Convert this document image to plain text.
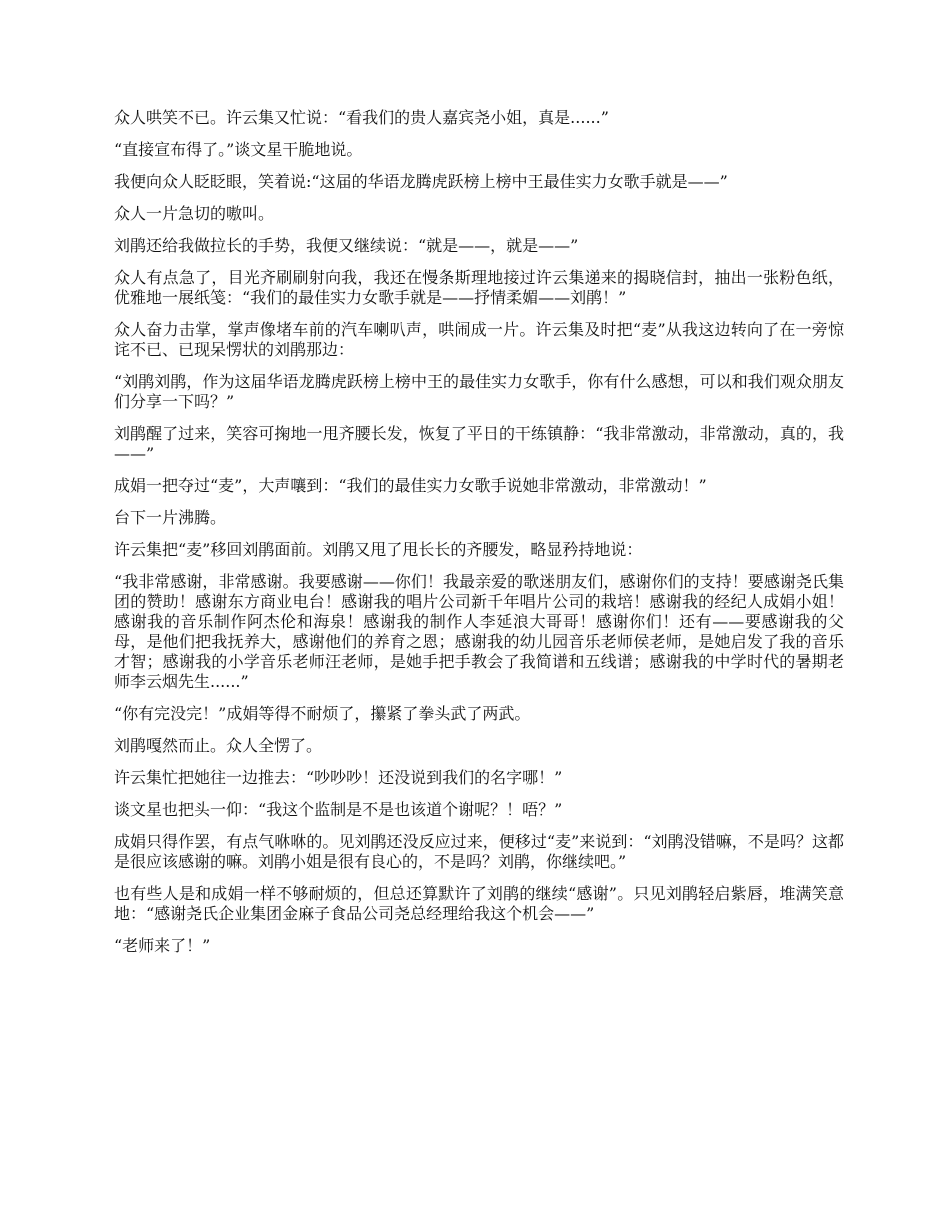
众人哄笑不已。许云集又忙说：“看我们的贵人嘉宾尧小姐，真是......”

“直接宣布得了。”谈文星干脆地说。

我便向众人眨眨眼，笑着说:“这届的华语龙腾虎跃榜上榜中王最佳实力女歌手就是——”

众人一片急切的嗷叫。

刘鹃还给我做拉长的手势，我便又继续说：“就是——，就是——”

众人有点急了，目光齐刷刷射向我，我还在慢条斯理地接过许云集递来的揭晓信封，抽出一张粉色纸，优雅地一展纸笺：“我们的最佳实力女歌手就是——抒情柔媚——刘鹃！”

众人奋力击掌，掌声像堵车前的汽车喇叭声，哄闹成一片。许云集及时把“麦”从我这边转向了在一旁惊诧不已、已现呆愣状的刘鹃那边：

“刘鹃刘鹃，作为这届华语龙腾虎跃榜上榜中王的最佳实力女歌手，你有什么感想，可以和我们观众朋友们分享一下吗？”

刘鹃醒了过来，笑容可掬地一甩齐腰长发，恢复了平日的干练镇静：“我非常激动，非常激动，真的，我——”

成娟一把夺过“麦”，大声嚷到：“我们的最佳实力女歌手说她非常激动，非常激动！”

台下一片沸腾。

许云集把“麦”移回刘鹃面前。刘鹃又甩了甩长长的齐腰发，略显矜持地说：

“我非常感谢，非常感谢。我要感谢——你们！我最亲爱的歌迷朋友们，感谢你们的支持！要感谢尧氏集团的赞助！感谢东方商业电台！感谢我的唱片公司新千年唱片公司的栽培！感谢我的经纪人成娟小姐！感谢我的音乐制作阿杰伦和海泉！感谢我的制作人李延浪大哥哥！感谢你们！还有——要感谢我的父母，是他们把我抚养大，感谢他们的养育之恩；感谢我的幼儿园音乐老师侯老师，是她启发了我的音乐才智；感谢我的小学音乐老师汪老师，是她手把手教会了我简谱和五线谱；感谢我的中学时代的暑期老师李云烟先生......”

“你有完没完！”成娟等得不耐烦了，攥紧了拳头武了两武。

刘鹃嘎然而止。众人全愣了。

许云集忙把她往一边推去：“吵吵吵！还没说到我们的名字哪！”

谈文星也把头一仰：“我这个监制是不是也该道个谢呢？！唔？”

成娟只得作罢，有点气咻咻的。见刘鹃还没反应过来，便移过“麦”来说到：“刘鹃没错嘛，不是吗？这都是很应该感谢的嘛。刘鹃小姐是很有良心的，不是吗？刘鹃，你继续吧。”

也有些人是和成娟一样不够耐烦的，但总还算默许了刘鹃的继续“感谢”。只见刘鹃轻启紫唇，堆满笑意地：“感谢尧氏企业集团金麻子食品公司尧总经理给我这个机会——”

“老师来了！”
